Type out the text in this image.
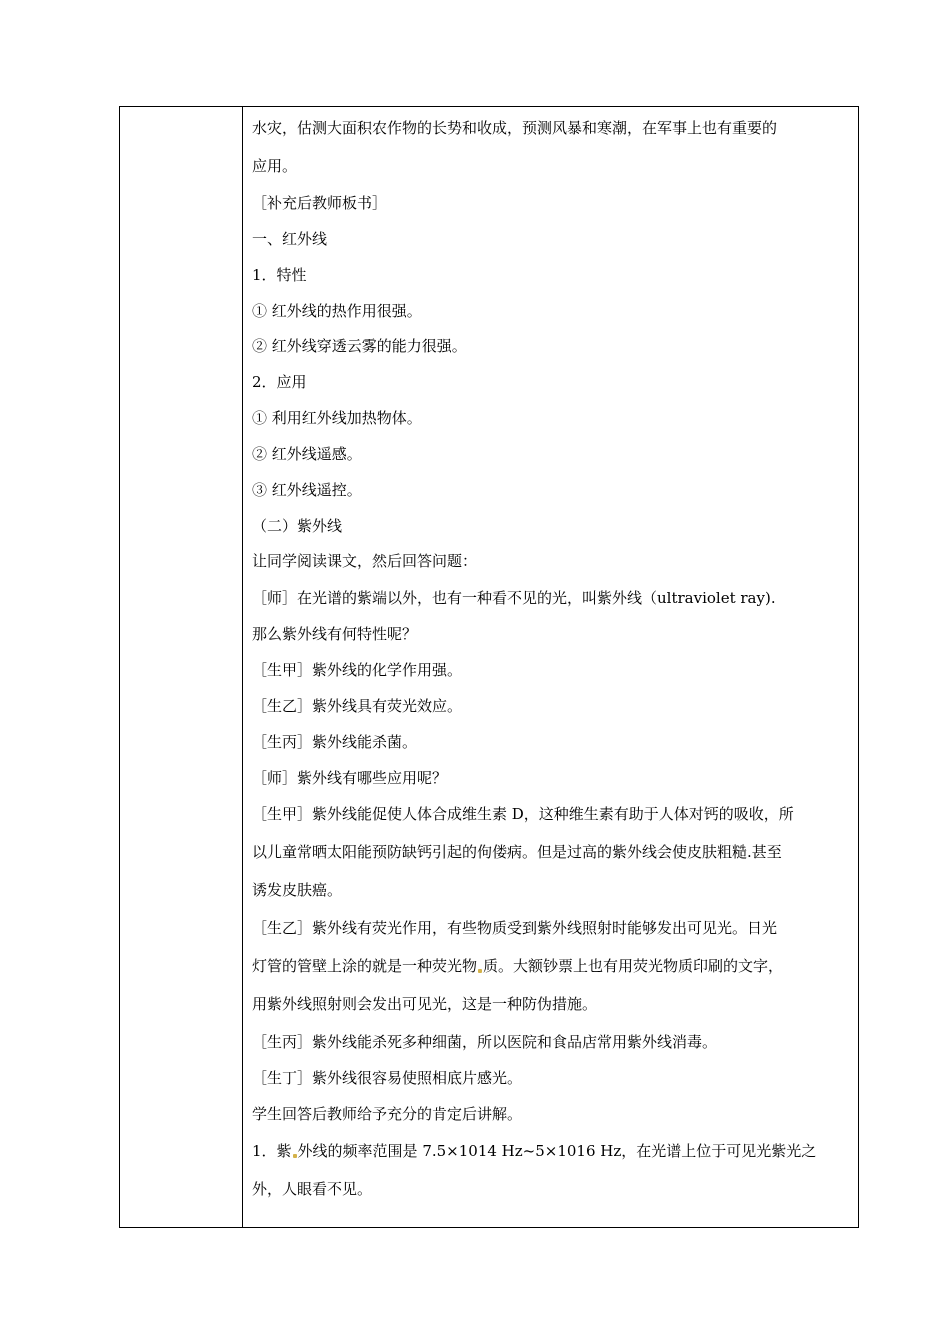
水灾，估测大面积农作物的长势和收成，预测风暴和寒潮，在军事上也有重要的
应用。
［补充后教师板书］
一、红外线
1．特性
① 红外线的热作用很强。
② 红外线穿透云雾的能力很强。
2．应用
① 利用红外线加热物体。
② 红外线遥感。
③ 红外线遥控。
（二）紫外线
让同学阅读课文，然后回答问题：
［师］在光谱的紫端以外，也有一种看不见的光，叫紫外线（ultraviolet ray).
那么紫外线有何特性呢？
［生甲］紫外线的化学作用强。
［生乙］紫外线具有荧光效应。
［生丙］紫外线能杀菌。
［师］紫外线有哪些应用呢？
［生甲］紫外线能促使人体合成维生素 D，这种维生素有助于人体对钙的吸收，所
以儿童常晒太阳能预防缺钙引起的佝偻病。但是过高的紫外线会使皮肤粗糙.甚至
诱发皮肤癌。
［生乙］紫外线有荧光作用，有些物质受到紫外线照射时能够发出可见光。日光
灯管的管壁上涂的就是一种荧光物 质。大额钞票上也有用荧光物质印刷的文字，
用紫外线照射则会发出可见光，这是一种防伪措施。
［生丙］紫外线能杀死多种细菌，所以医院和食品店常用紫外线消毒。
［生丁］紫外线很容易使照相底片感光。
学生回答后教师给予充分的肯定后讲解。
1．紫 外线的频率范围是 7.5×1014 Hz~5×1016 Hz，在光谱上位于可见光紫光之
外，人眼看不见。
